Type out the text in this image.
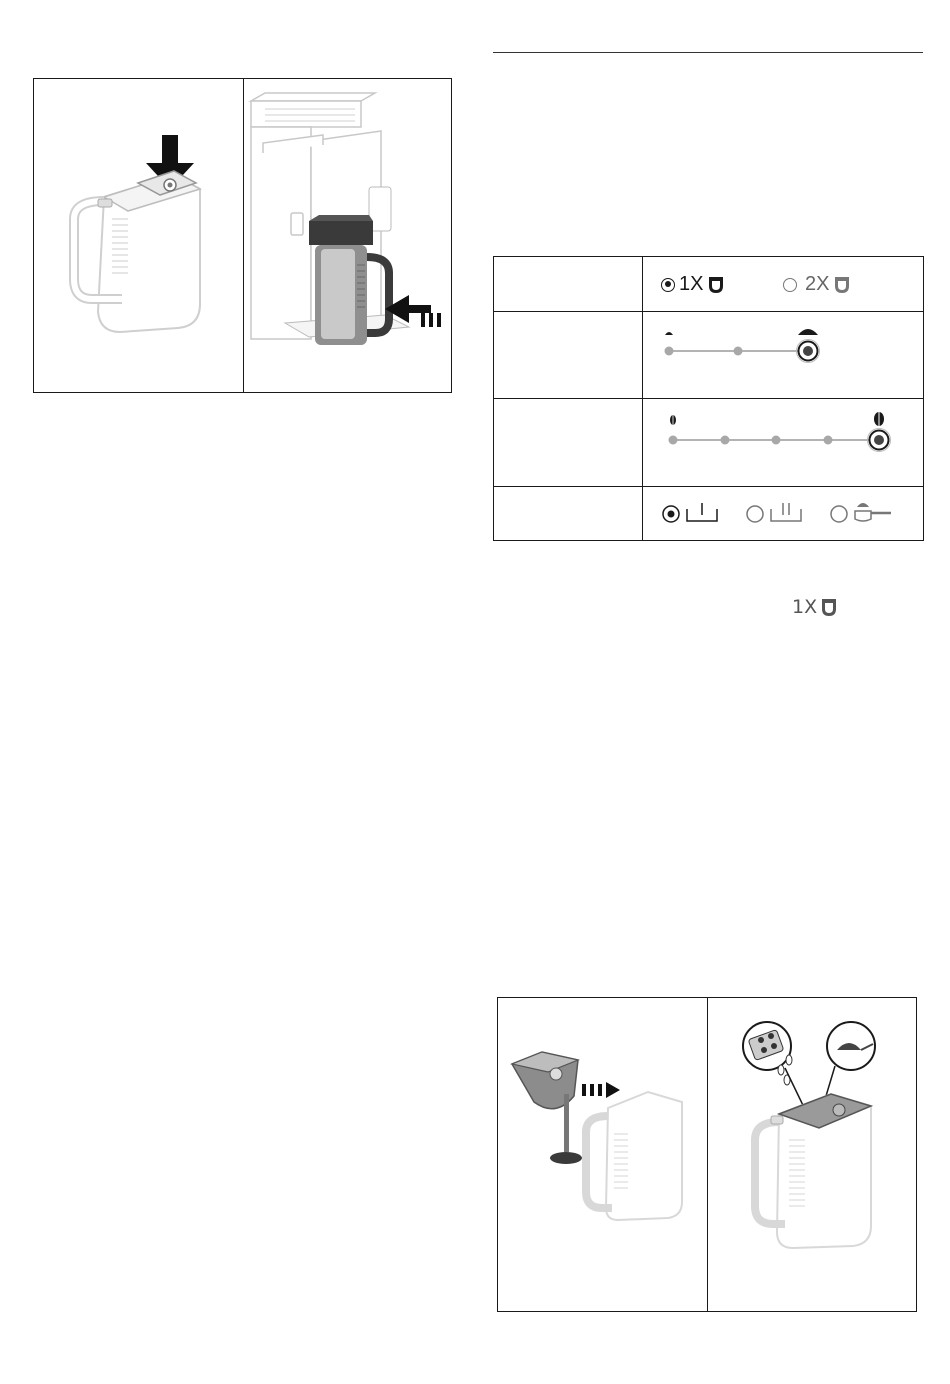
	1X 2X

1X
